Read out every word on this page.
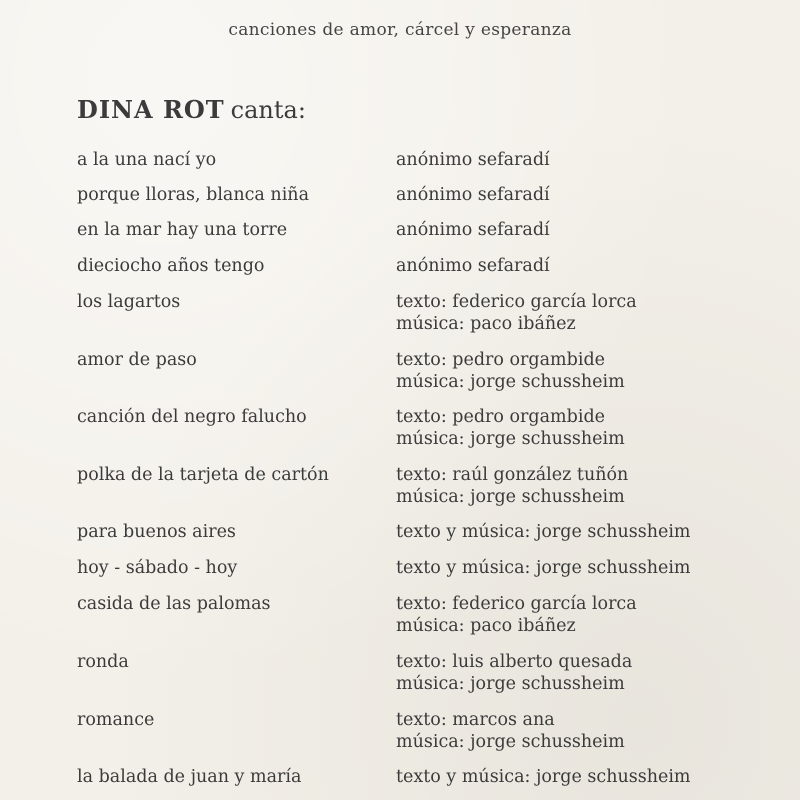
canciones de amor, cárcel y esperanza
DINA ROT canta:
a la una nací yo	anónimo sefaradí
porque lloras, blanca niña	anónimo sefaradí
en la mar hay una torre	anónimo sefaradí
dieciocho años tengo	anónimo sefaradí
los lagartos	texto: federico garcía lorca
música: paco ibáñez
amor de paso	texto: pedro orgambide
música: jorge schussheim
canción del negro falucho	texto: pedro orgambide
música: jorge schussheim
polka de la tarjeta de cartón	texto: raúl gonzález tuñón
música: jorge schussheim
para buenos aires	texto y música: jorge schussheim
hoy - sábado - hoy	texto y música: jorge schussheim
casida de las palomas	texto: federico garcía lorca
música: paco ibáñez
ronda	texto: luis alberto quesada
música: jorge schussheim
romance	texto: marcos ana
música: jorge schussheim
la balada de juan y maría	texto y música: jorge schussheim
